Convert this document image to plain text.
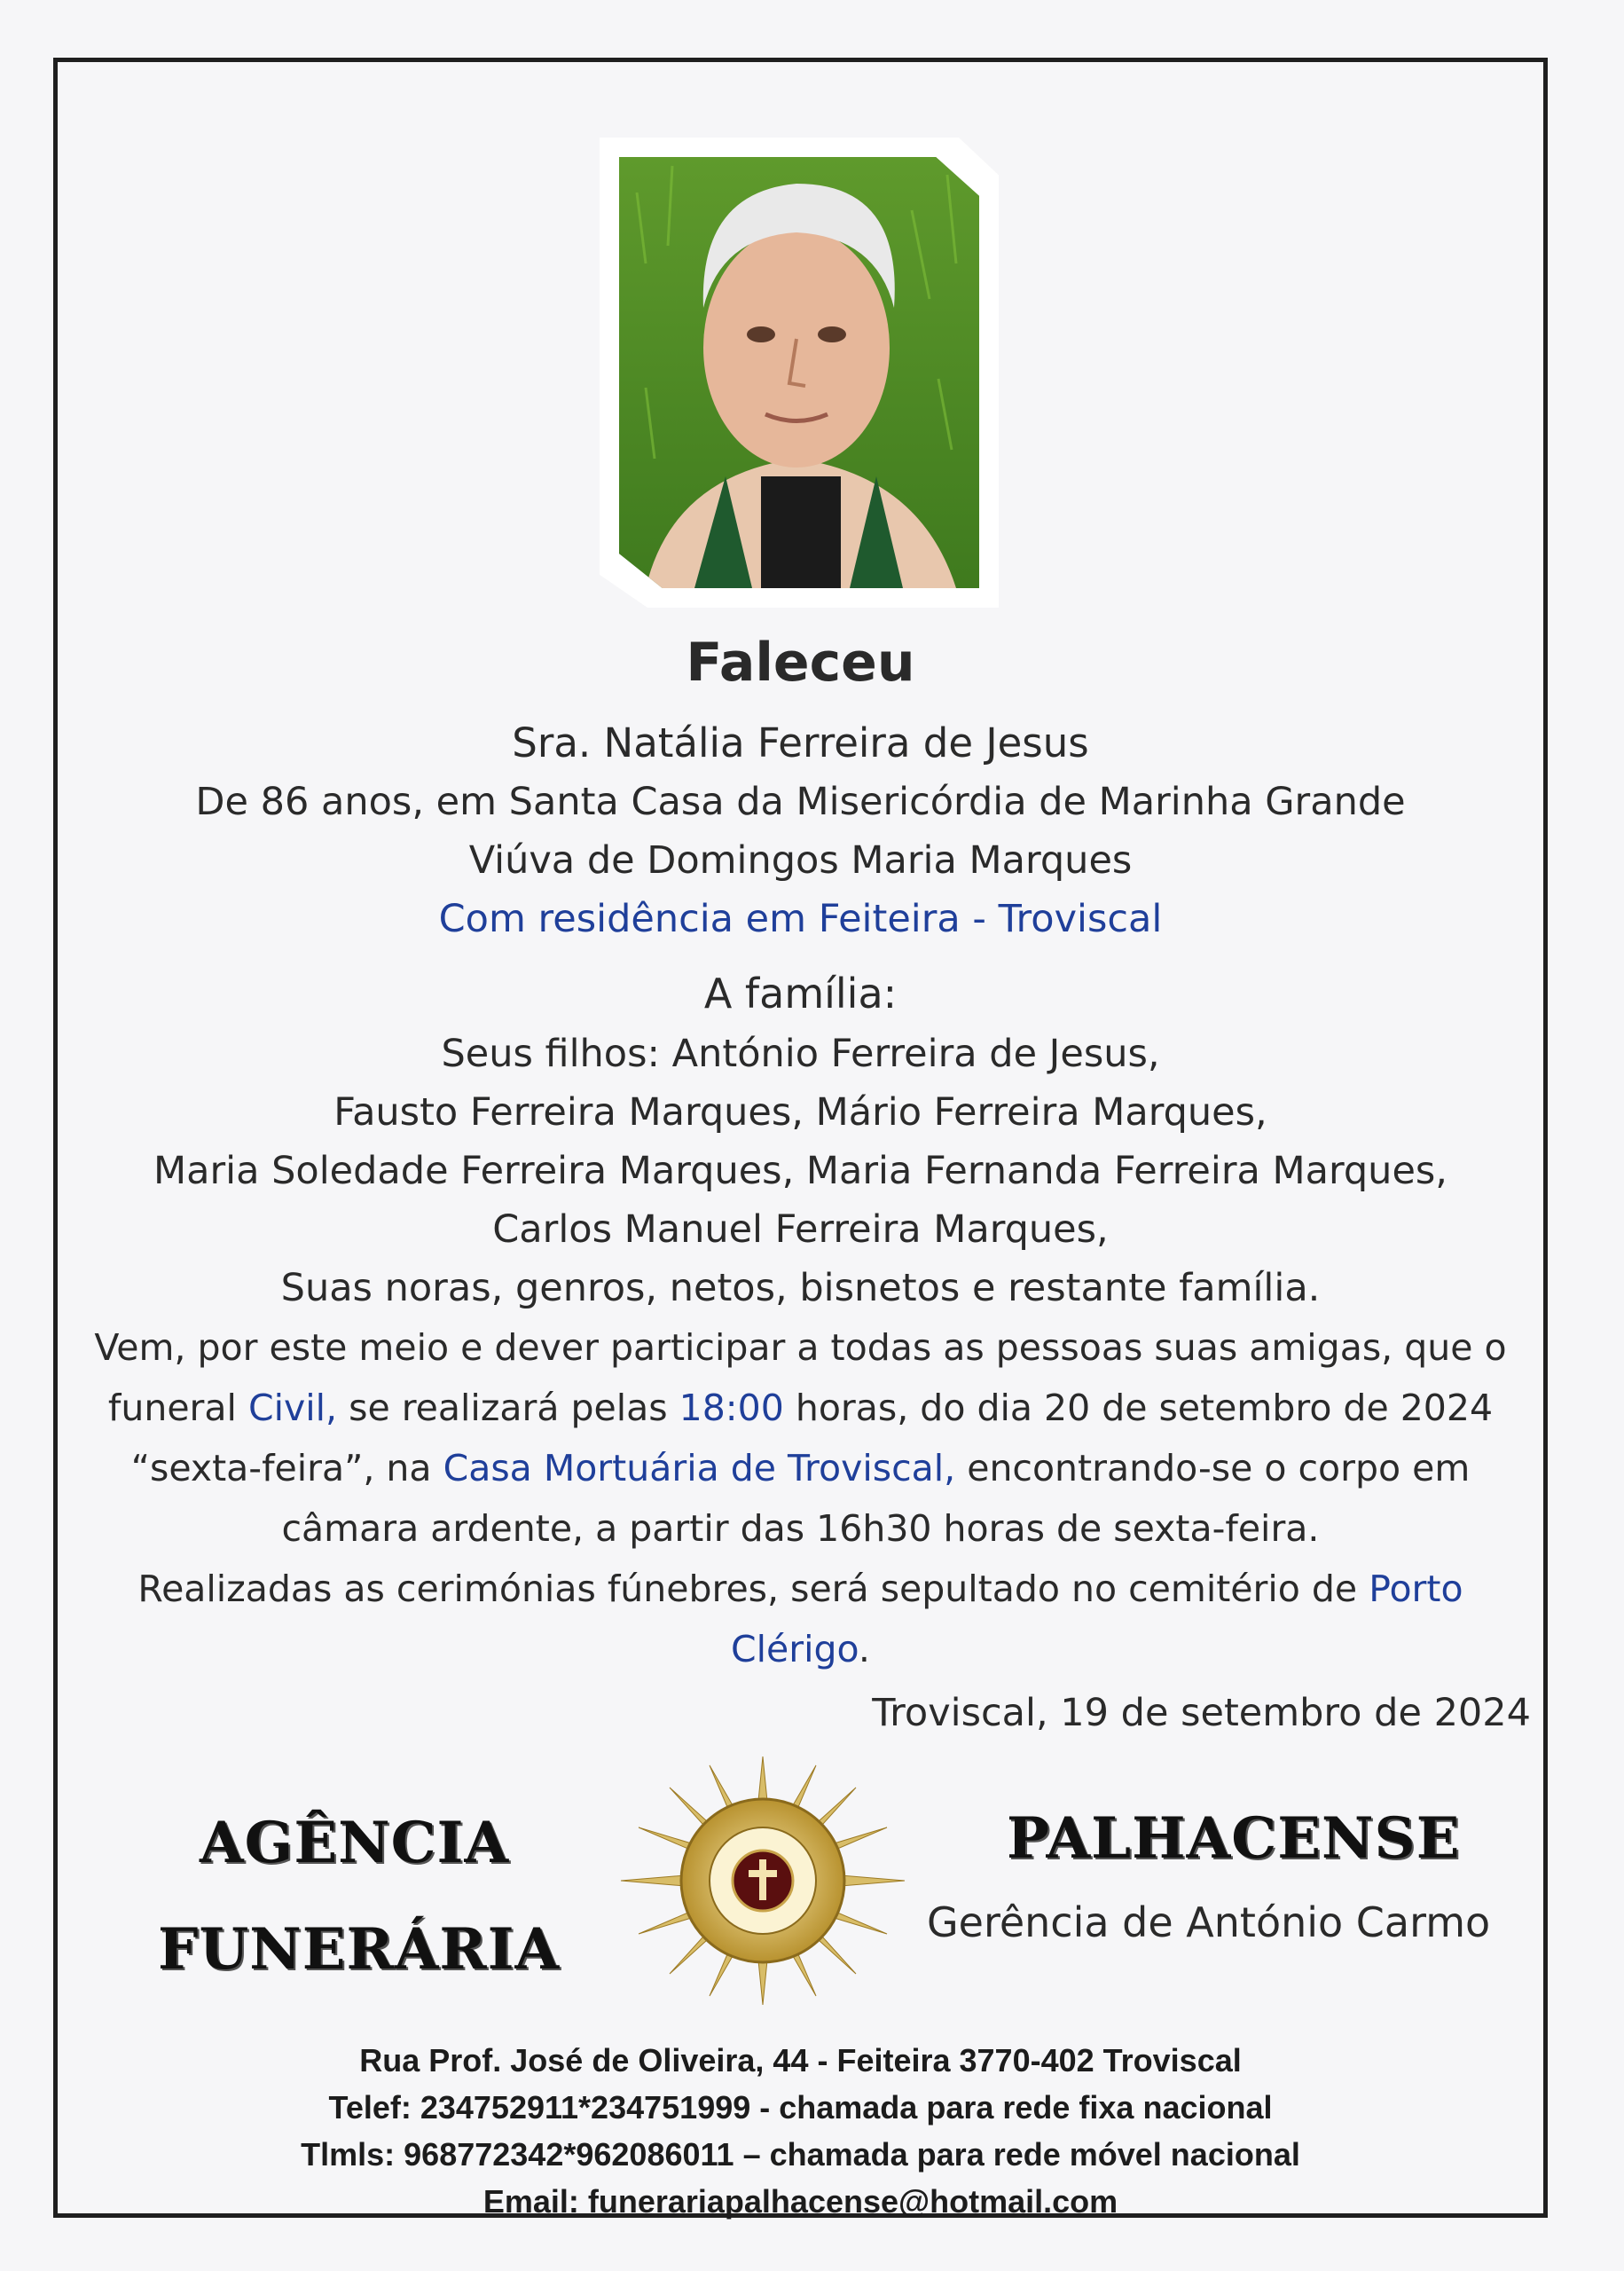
Faleceu
Sra. Natália Ferreira de Jesus
De 86 anos, em Santa Casa da Misericórdia de Marinha Grande
Viúva de Domingos Maria Marques
Com residência em Feiteira - Troviscal
A família:
Seus filhos: António Ferreira de Jesus,
Fausto Ferreira Marques, Mário Ferreira Marques,
Maria Soledade Ferreira Marques, Maria Fernanda Ferreira Marques,
Carlos Manuel Ferreira Marques,
Suas noras, genros, netos, bisnetos e restante família.
Vem, por este meio e dever participar a todas as pessoas suas amigas, que o
funeral Civil, se realizará pelas 18:00 horas, do dia 20 de setembro de 2024
“sexta-feira”, na Casa Mortuária de Troviscal, encontrando-se o corpo em
câmara ardente, a partir das 16h30 horas de sexta-feira.
Realizadas as cerimónias fúnebres, será sepultado no cemitério de Porto
Clérigo.
Troviscal, 19 de setembro de 2024
AGÊNCIA
FUNERÁRIA
PALHACENSE
Gerência de António Carmo
Rua Prof. José de Oliveira, 44 - Feiteira 3770-402 Troviscal
Telef: 234752911*234751999 - chamada para rede fixa nacional
Tlmls: 968772342*962086011 – chamada para rede móvel nacional
Email: funerariapalhacense@hotmail.com
